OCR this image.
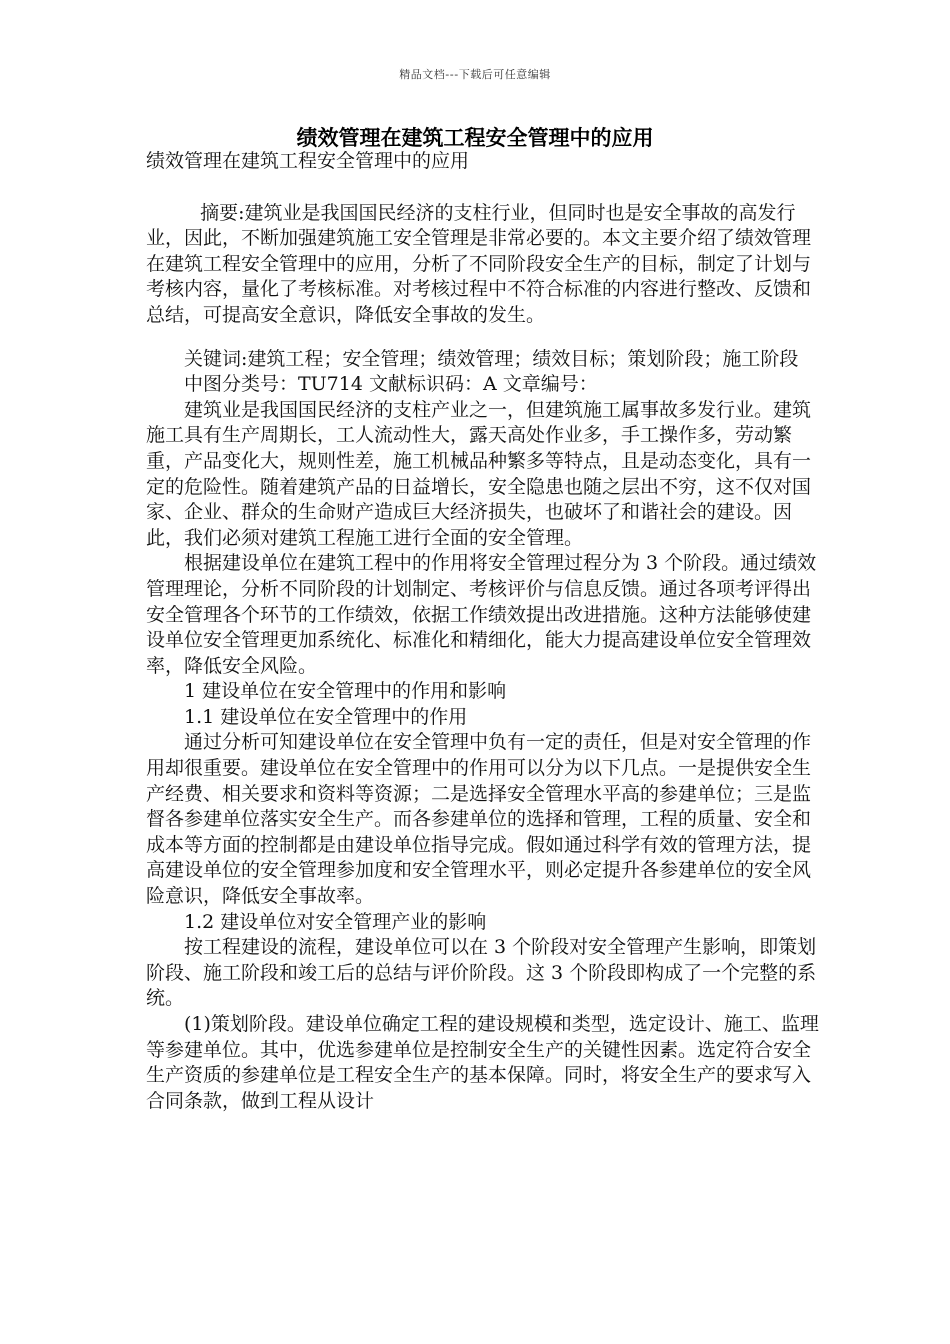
精品文档---下载后可任意编辑
绩效管理在建筑工程安全管理中的应用

绩效管理在建筑工程安全管理中的应用

摘要:建筑业是我国国民经济的支柱行业，但同时也是安全事故的高发行业，因此，不断加强建筑施工安全管理是非常必要的。本文主要介绍了绩效管理在建筑工程安全管理中的应用，分析了不同阶段安全生产的目标，制定了计划与考核内容，量化了考核标准。对考核过程中不符合标准的内容进行整改、反馈和总结，可提高安全意识，降低安全事故的发生。

关键词:建筑工程；安全管理；绩效管理；绩效目标；策划阶段；施工阶段

中图分类号：TU714 文献标识码：A 文章编号：

建筑业是我国国民经济的支柱产业之一，但建筑施工属事故多发行业。建筑施工具有生产周期长，工人流动性大，露天高处作业多，手工操作多，劳动繁重，产品变化大，规则性差，施工机械品种繁多等特点，且是动态变化，具有一定的危险性。随着建筑产品的日益增长，安全隐患也随之层出不穷，这不仅对国家、企业、群众的生命财产造成巨大经济损失，也破坏了和谐社会的建设。因此，我们必须对建筑工程施工进行全面的安全管理。

根据建设单位在建筑工程中的作用将安全管理过程分为 3 个阶段。通过绩效管理理论，分析不同阶段的计划制定、考核评价与信息反馈。通过各项考评得出安全管理各个环节的工作绩效，依据工作绩效提出改进措施。这种方法能够使建设单位安全管理更加系统化、标准化和精细化，能大力提高建设单位安全管理效率，降低安全风险。

1 建设单位在安全管理中的作用和影响

1.1 建设单位在安全管理中的作用

通过分析可知建设单位在安全管理中负有一定的责任，但是对安全管理的作用却很重要。建设单位在安全管理中的作用可以分为以下几点。一是提供安全生产经费、相关要求和资料等资源；二是选择安全管理水平高的参建单位；三是监督各参建单位落实安全生产。而各参建单位的选择和管理，工程的质量、安全和成本等方面的控制都是由建设单位指导完成。假如通过科学有效的管理方法，提高建设单位的安全管理参加度和安全管理水平，则必定提升各参建单位的安全风险意识，降低安全事故率。

1.2 建设单位对安全管理产业的影响

按工程建设的流程，建设单位可以在 3 个阶段对安全管理产生影响，即策划阶段、施工阶段和竣工后的总结与评价阶段。这 3 个阶段即构成了一个完整的系统。

(1)策划阶段。建设单位确定工程的建设规模和类型，选定设计、施工、监理等参建单位。其中，优选参建单位是控制安全生产的关键性因素。选定符合安全生产资质的参建单位是工程安全生产的基本保障。同时，将安全生产的要求写入合同条款，做到工程从设计
